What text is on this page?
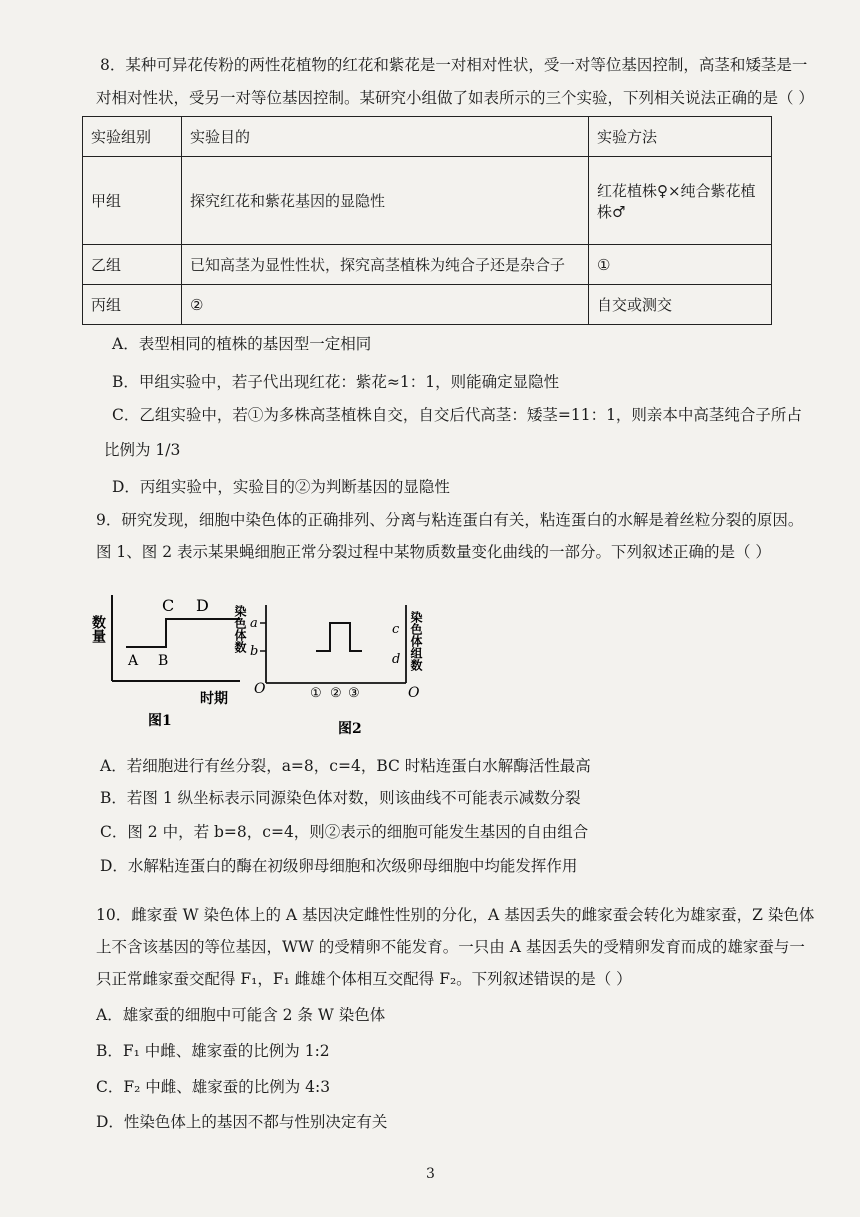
8．某种可异花传粉的两性花植物的红花和紫花是一对相对性状，受一对等位基因控制，高茎和矮茎是一
对相对性状，受另一对等位基因控制。某研究小组做了如表所示的三个实验，下列相关说法正确的是（ ）
实验组别	实验目的	实验方法
甲组	探究红花和紫花基因的显隐性	红花植株♀×纯合紫花植株♂
乙组	已知高茎为显性性状，探究高茎植株为纯合子还是杂合子	①
丙组	②	自交或测交
A．表型相同的植株的基因型一定相同
B．甲组实验中，若子代出现红花：紫花≈1：1，则能确定显隐性
C．乙组实验中，若①为多株高茎植株自交，自交后代高茎：矮茎=11：1，则亲本中高茎纯合子所占
比例为 1/3
D．丙组实验中，实验目的②为判断基因的显隐性
9．研究发现，细胞中染色体的正确排列、分离与粘连蛋白有关，粘连蛋白的水解是着丝粒分裂的原因。
图 1、图 2 表示某果蝇细胞正常分裂过程中某物质数量变化曲线的一部分。下列叙述正确的是（ ）
数量
A B
C D
时期
图1
染色体数 a
b
O
染色体组数
c
d
O
① ② ③
图2
A．若细胞进行有丝分裂，a=8，c=4，BC 时粘连蛋白水解酶活性最高
B．若图 1 纵坐标表示同源染色体对数，则该曲线不可能表示减数分裂
C．图 2 中，若 b=8，c=4，则②表示的细胞可能发生基因的自由组合
D．水解粘连蛋白的酶在初级卵母细胞和次级卵母细胞中均能发挥作用
10．雌家蚕 W 染色体上的 A 基因决定雌性性别的分化，A 基因丢失的雌家蚕会转化为雄家蚕，Z 染色体
上不含该基因的等位基因，WW 的受精卵不能发育。一只由 A 基因丢失的受精卵发育而成的雄家蚕与一
只正常雌家蚕交配得 F₁，F₁ 雌雄个体相互交配得 F₂。下列叙述错误的是（ ）
A．雄家蚕的细胞中可能含 2 条 W 染色体
B．F₁ 中雌、雄家蚕的比例为 1:2
C．F₂ 中雌、雄家蚕的比例为 4:3
D．性染色体上的基因不都与性别决定有关
3
